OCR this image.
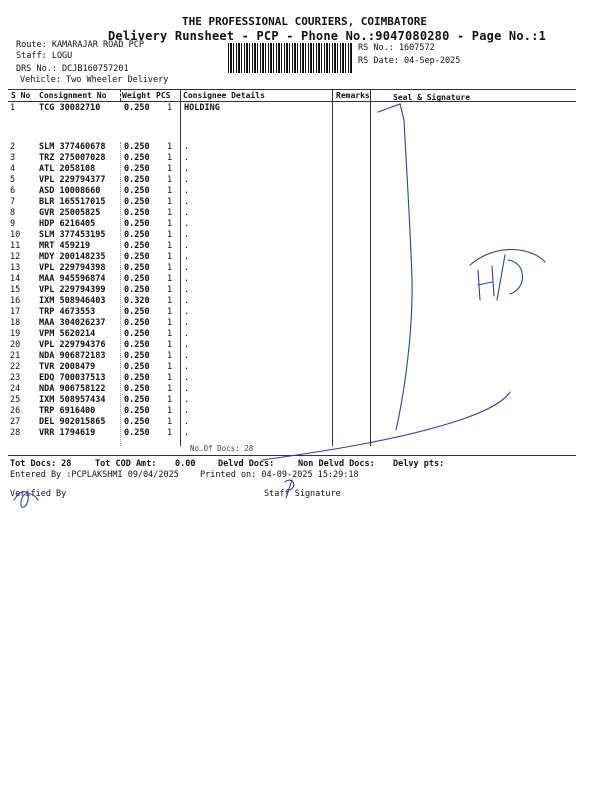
THE PROFESSIONAL COURIERS, COIMBATORE
Delivery Runsheet - PCP - Phone No.:9047080280 - Page No.:1
Route: KAMARAJAR ROAD PCP
Staff: LOGU
DRS No.: DCJB160757201
Vehicle: Two Wheeler Delivery
RS No.: 1607572
RS Date: 04-Sep-2025
S No Consignment No Weight PCS Consignee Details	Remarks	Seal & Signature
1	TCG 30082710	0.250 1 HOLDING
2	SLM 377460678 0.250 1 .
3	TRZ 275007028 0.250 1 .
4	ATL 2058108	0.250 1 .
5	VPL 229794377 0.250 1 .
6	ASD 10008660	0.250 1 .
7	BLR 165517015 0.250 1 .
8	GVR 25005825	0.250 1 .
9	HDP 6216405	0.250 1 .
10 SLM 377453195 0.250 1 .
11 MRT 459219	0.250 1 .
12 MDY 200148235 0.250 1 .
13 VPL 229794398 0.250 1 .
14 MAA 945596874 0.250 1 .
15 VPL 229794399 0.250 1 .
16 IXM 508946403 0.320 1 .
17 TRP 4673553	0.250 1 .
18 MAA 304026237 0.250 1 .
19 VPM 5620214	0.250 1 .
20 VPL 229794376 0.250 1 .
21 NDA 906872183 0.250 1 .
22 TVR 2008479	0.250 1 .
23 EDQ 700037513 0.250 1 .
24 NDA 906758122 0.250 1 .
25 IXM 508957434 0.250 1 .
26 TRP 6916400	0.250 1 .
27 DEL 902015865 0.250 1 .
28 VRR 1794619	0.250 1 .
No.Of Docs: 28
Tot Docs: 28	Tot COD Amt: 0.00	Delvd Docs:	Non Delvd Docs: Delvy pts:
Entered By :PCPLAKSHMI 09/04/2025 Printed on: 04-09-2025 15:29:18
Verified By	Staff Signature
H/D
